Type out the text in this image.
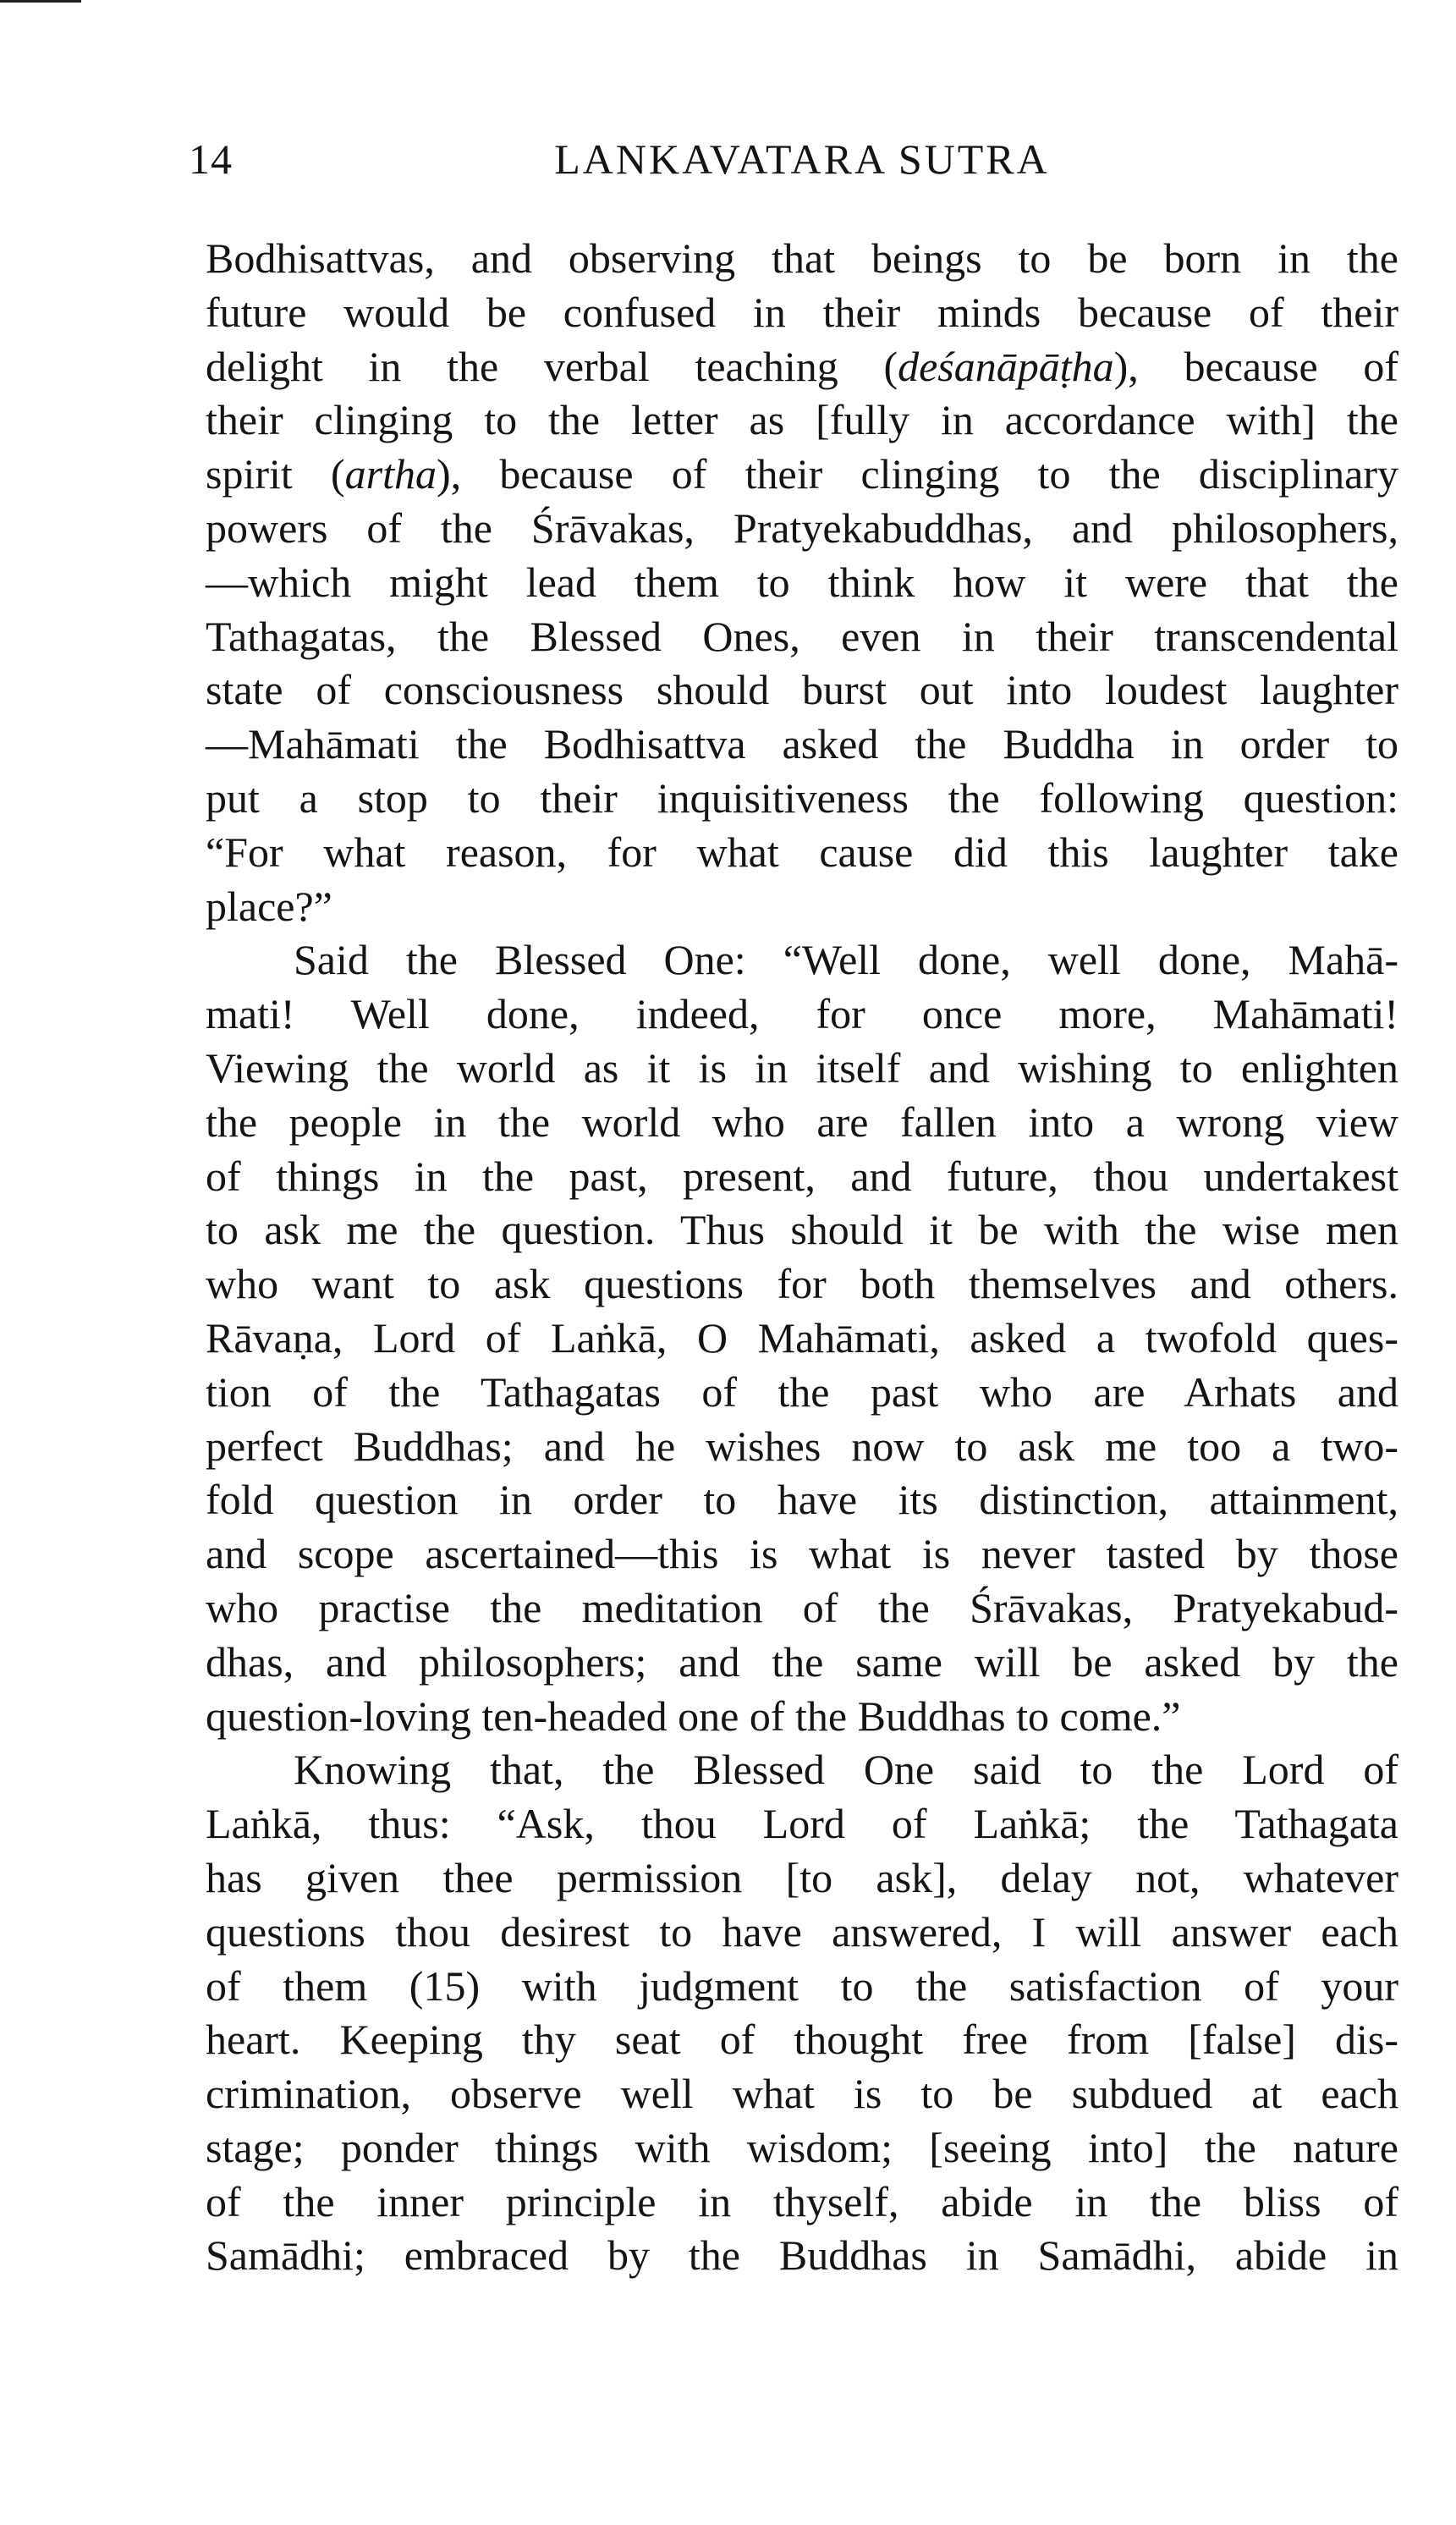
14	LANKAVATARA SUTRA
Bodhisattvas, and observing that beings to be born in the
future would be confused in their minds because of their
delight in the verbal teaching (deśanāpāṭha), because of
their clinging to the letter as [fully in accordance with] the
spirit (artha), because of their clinging to the disciplinary
powers of the Śrāvakas, Pratyekabuddhas, and philosophers,
—which might lead them to think how it were that the
Tathagatas, the Blessed Ones, even in their transcendental
state of consciousness should burst out into loudest laughter
—Mahāmati the Bodhisattva asked the Buddha in order to
put a stop to their inquisitiveness the following question:
“For what reason, for what cause did this laughter take
place?”
Said the Blessed One: “Well done, well done, Mahā-
mati! Well done, indeed, for once more, Mahāmati!
Viewing the world as it is in itself and wishing to enlighten
the people in the world who are fallen into a wrong view
of things in the past, present, and future, thou undertakest
to ask me the question. Thus should it be with the wise men
who want to ask questions for both themselves and others.
Rāvaṇa, Lord of Laṅkā, O Mahāmati, asked a twofold ques-
tion of the Tathagatas of the past who are Arhats and
perfect Buddhas; and he wishes now to ask me too a two-
fold question in order to have its distinction, attainment,
and scope ascertained—this is what is never tasted by those
who practise the meditation of the Śrāvakas, Pratyekabud-
dhas, and philosophers; and the same will be asked by the
question-loving ten-headed one of the Buddhas to come.”
Knowing that, the Blessed One said to the Lord of
Laṅkā, thus: “Ask, thou Lord of Laṅkā; the Tathagata
has given thee permission [to ask], delay not, whatever
questions thou desirest to have answered, I will answer each
of them (15) with judgment to the satisfaction of your
heart. Keeping thy seat of thought free from [false] dis-
crimination, observe well what is to be subdued at each
stage; ponder things with wisdom; [seeing into] the nature
of the inner principle in thyself, abide in the bliss of
Samādhi; embraced by the Buddhas in Samādhi, abide in
